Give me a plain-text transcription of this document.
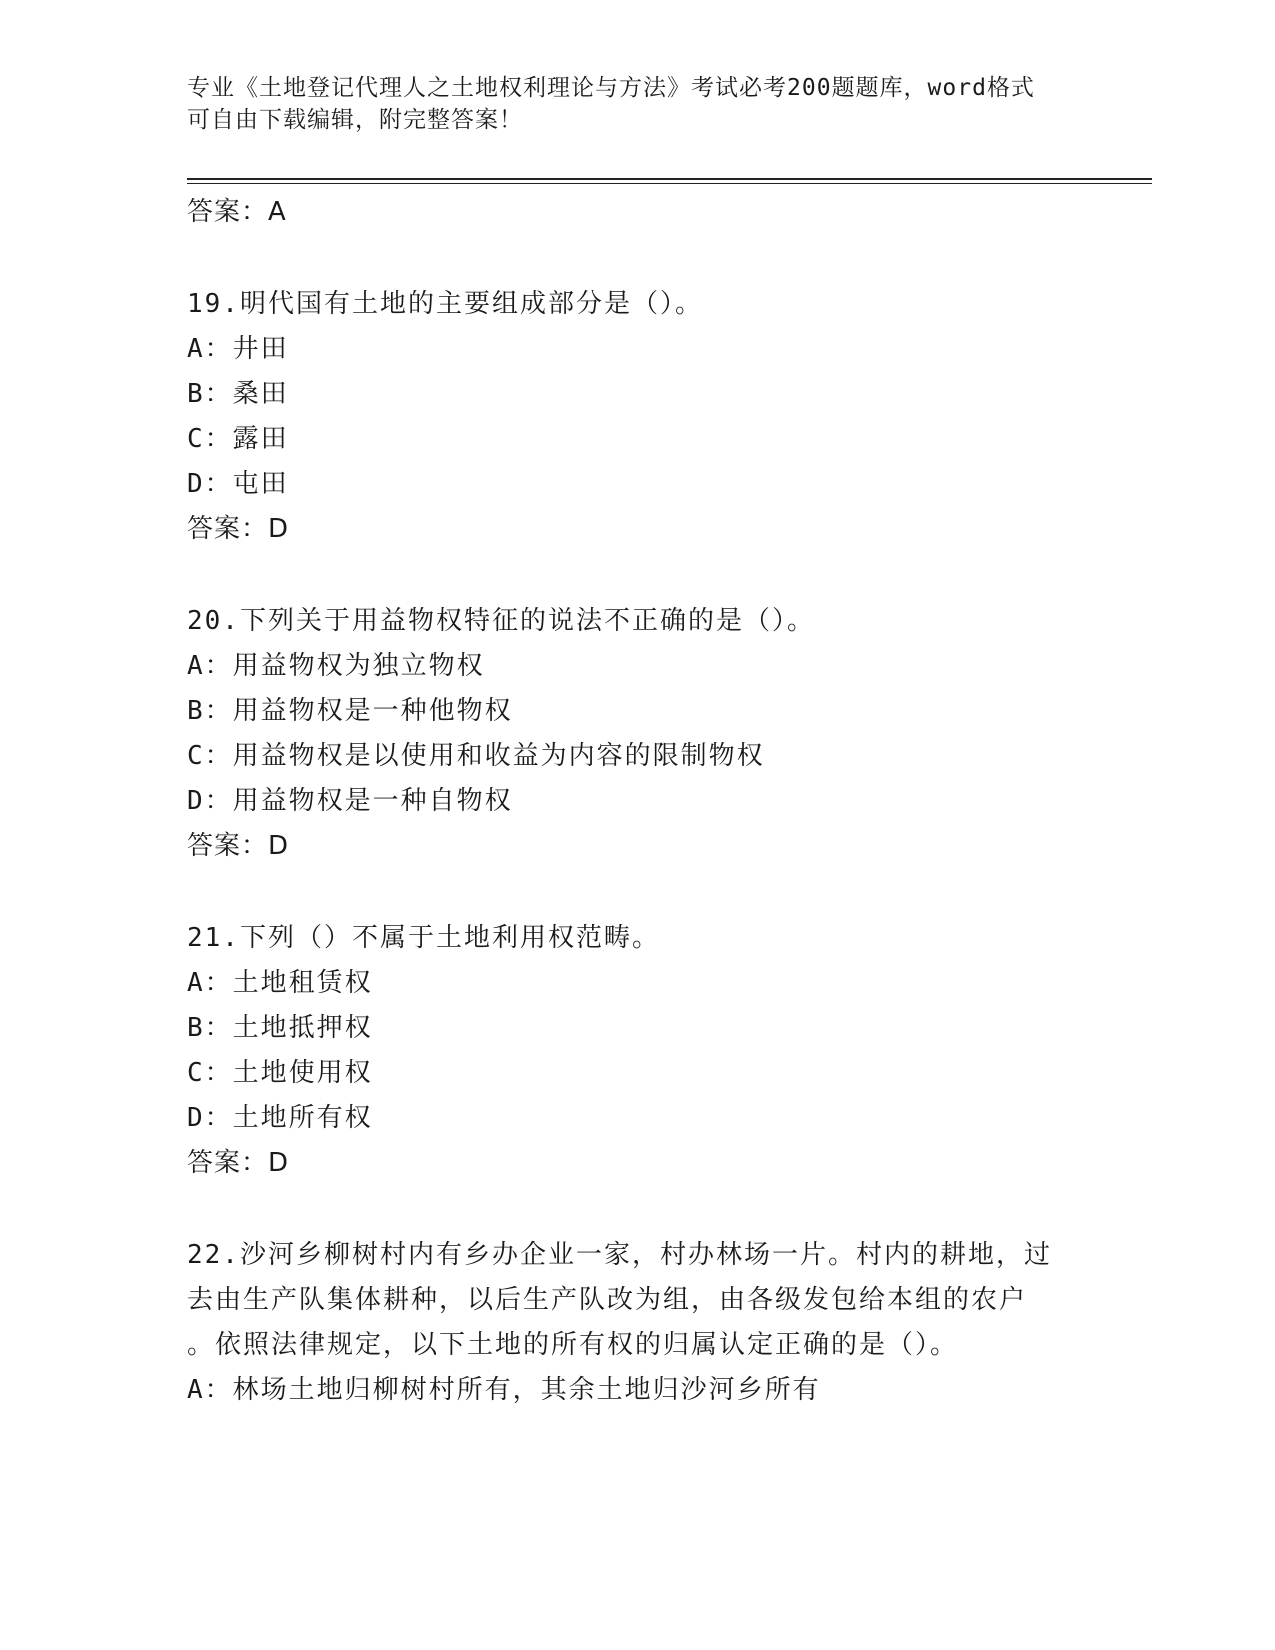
专业《土地登记代理人之土地权利理论与方法》考试必考200题题库，word格式
可自由下载编辑，附完整答案！
答案：A
19.明代国有土地的主要组成部分是（）。
A：井田
B：桑田
C：露田
D：屯田
答案：D
20.下列关于用益物权特征的说法不正确的是（）。
A：用益物权为独立物权
B：用益物权是一种他物权
C：用益物权是以使用和收益为内容的限制物权
D：用益物权是一种自物权
答案：D
21.下列（）不属于土地利用权范畴。
A：土地租赁权
B：土地抵押权
C：土地使用权
D：土地所有权
答案：D
22.沙河乡柳树村内有乡办企业一家，村办林场一片。村内的耕地，过
去由生产队集体耕种，以后生产队改为组，由各级发包给本组的农户
。依照法律规定，以下土地的所有权的归属认定正确的是（）。
A：林场土地归柳树村所有，其余土地归沙河乡所有
